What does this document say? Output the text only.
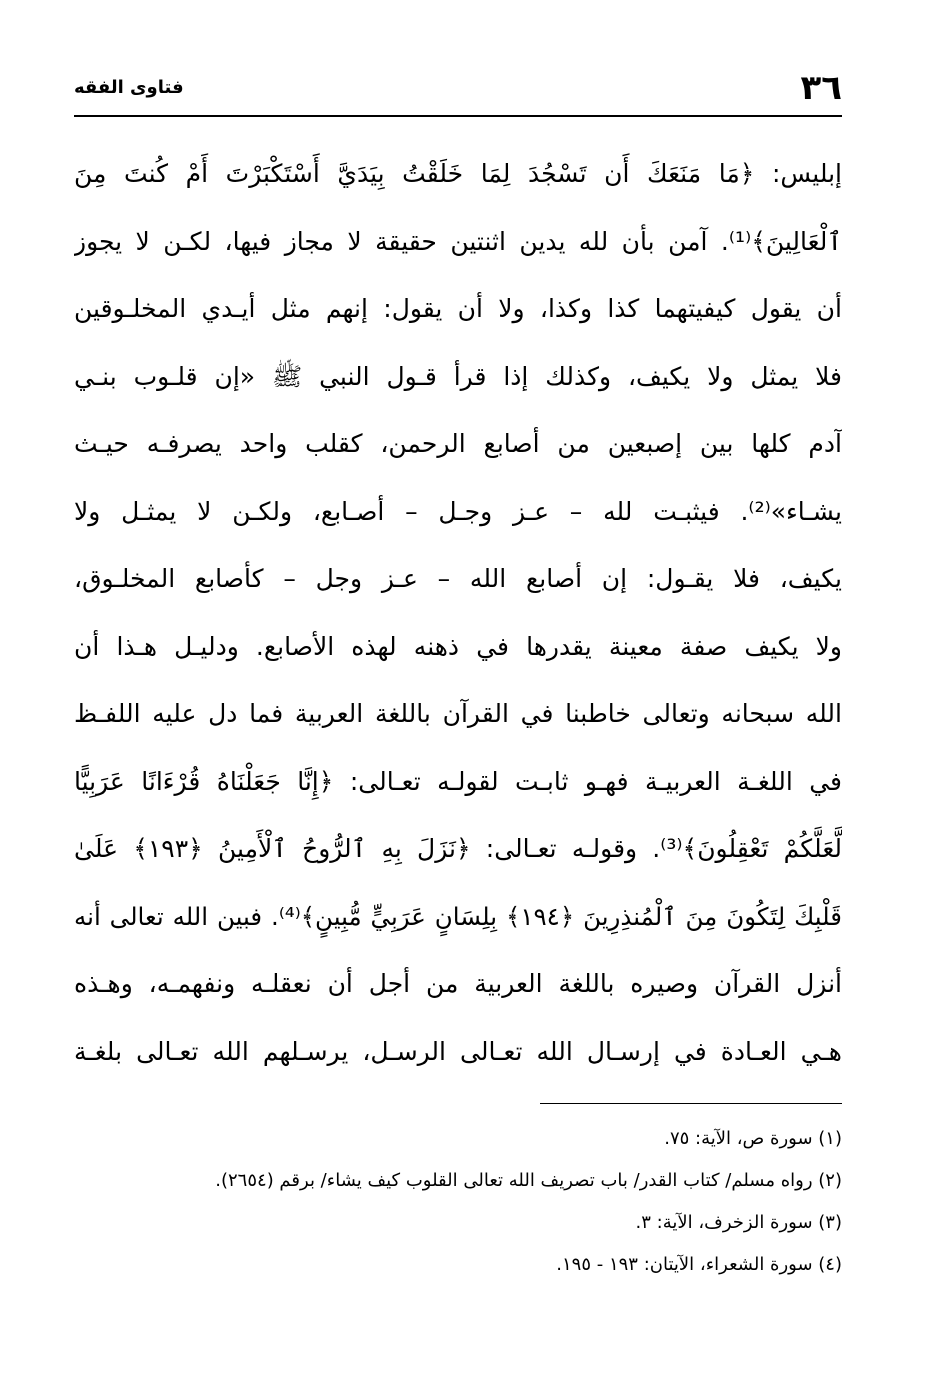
٣٦
فتاوى الفقه
إبليس: ﴿مَا مَنَعَكَ أَن تَسْجُدَ لِمَا خَلَقْتُ بِيَدَيَّ أَسْتَكْبَرْتَ أَمْ كُنتَ مِنَ
ٱلْعَالِينَ﴾⁽¹⁾. آمن بأن لله يدين اثنتين حقيقة لا مجاز فيها، لكـن لا يجوز
أن يقول كيفيتهما كذا وكذا، ولا أن يقول: إنهم مثل أيـدي المخلـوقين
فلا يمثل ولا يكيف، وكذلك إذا قرأ قـول النبي ﷺ «إن قلـوب بنـي
آدم كلها بين إصبعين من أصابع الرحمن، كقلب واحد يصرفـه حيـث
يشـاء»⁽²⁾. فيثبـت لله – عـز وجـل – أصـابع، ولكـن لا يمثـل ولا
يكيف، فلا يقـول: إن أصابع الله – عـز وجل – كأصابع المخلـوق،
ولا يكيف صفة معينة يقدرها في ذهنه لهذه الأصابع. ودليـل هـذا أن
الله سبحانه وتعالى خاطبنا في القرآن باللغة العربية فما دل عليه اللفـظ
في اللغـة العربيـة فهـو ثابـت لقولـه تعـالى: ﴿إِنَّا جَعَلْنَاهُ قُرْءَانًا عَرَبِيًّا
لَّعَلَّكُمْ تَعْقِلُونَ﴾⁽³⁾. وقولـه تعـالى: ﴿نَزَلَ بِهِ ٱلرُّوحُ ٱلْأَمِينُ ﴿١٩٣﴾ عَلَىٰ
قَلْبِكَ لِتَكُونَ مِنَ ٱلْمُنذِرِينَ ﴿١٩٤﴾ بِلِسَانٍ عَرَبِيٍّ مُّبِينٍ﴾⁽⁴⁾. فبين الله تعالى أنه
أنزل القرآن وصيره باللغة العربية من أجل أن نعقلـه ونفهمـه، وهـذه
هـي العـادة في إرسـال الله تعـالى الرسـل، يرسـلهم الله تعـالى بلغـة
(١) سورة ص، الآية: ٧٥.
(٢) رواه مسلم/ كتاب القدر/ باب تصريف الله تعالى القلوب كيف يشاء/ برقم (٢٦٥٤).
(٣) سورة الزخرف، الآية: ٣.
(٤) سورة الشعراء، الآيتان: ١٩٣ - ١٩٥.
